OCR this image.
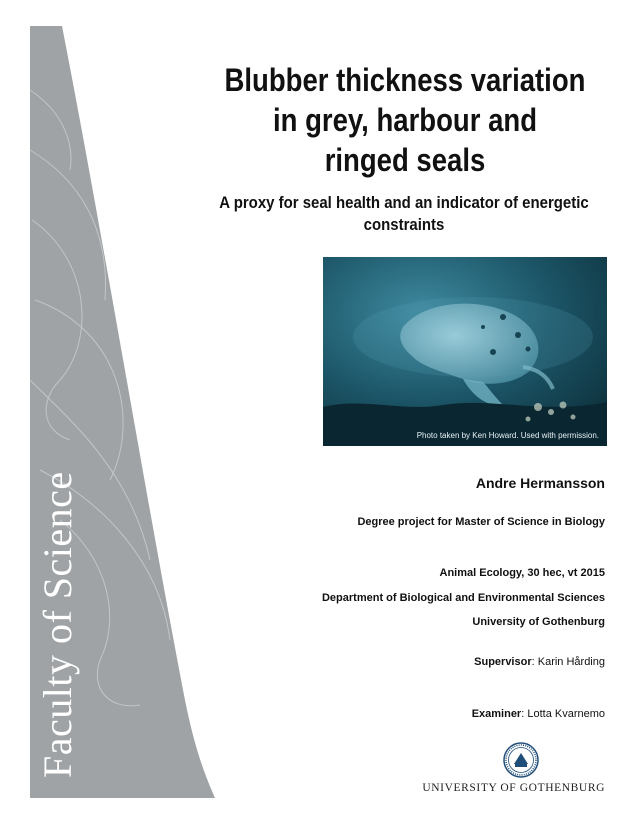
Faculty of Science
Blubber thickness variation
in grey, harbour and
ringed seals
A proxy for seal health and an indicator of energetic
constraints
Photo taken by Ken Howard. Used with permission.
Andre Hermansson
Degree project for Master of Science in Biology
Animal Ecology, 30 hec, vt 2015
Department of Biological and Environmental Sciences
University of Gothenburg
Supervisor: Karin Hårding
Examiner: Lotta Kvarnemo
UNIVERSITY OF GOTHENBURG
